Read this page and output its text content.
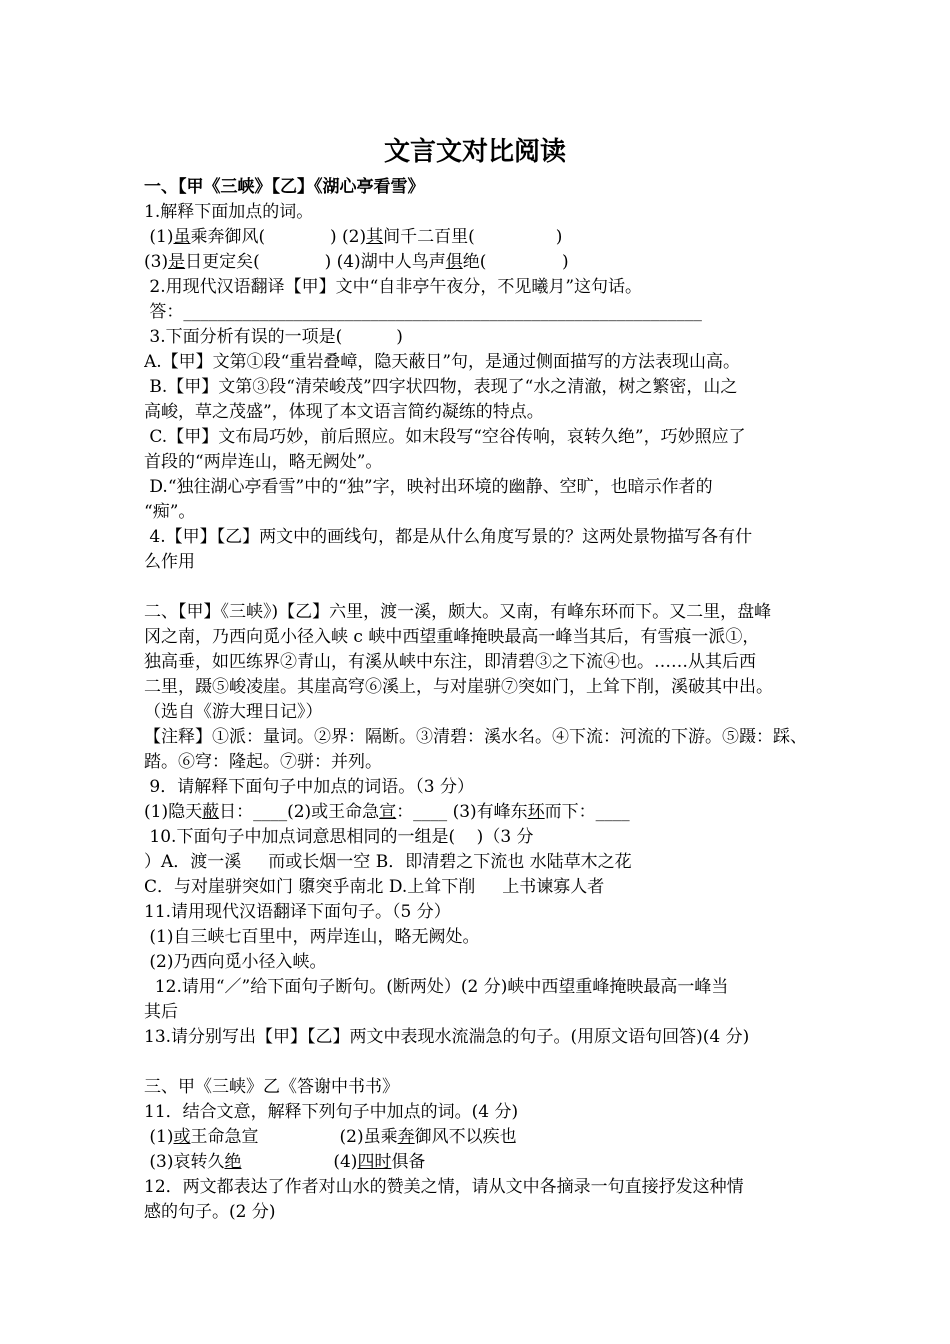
文言文对比阅读
一、【甲《三峡》【乙】《湖心亭看雪》
1.解释下面加点的词。
(1)虽乘奔御风(            ) (2)其间千二百里(               )
(3)是日更定矣(            ) (4)湖中人鸟声俱绝(              )
2.用现代汉语翻译【甲】文中“自非亭午夜分，不见曦月”这句话。
答：_____________________________________________________________
3.下面分析有误的一项是(          )
A.【甲】文第①段“重岩叠嶂，隐天蔽日”句，是通过侧面描写的方法表现山高。
B.【甲】文第③段“清荣峻茂”四字状四物，表现了“水之清澈，树之繁密，山之
高峻，草之茂盛”，体现了本文语言简约凝练的特点。
C.【甲】文布局巧妙，前后照应。如末段写“空谷传响，哀转久绝”，巧妙照应了
首段的“两岸连山，略无阙处”。
D.“独往湖心亭看雪”中的“独”字，映衬出环境的幽静、空旷，也暗示作者的
“痴”。
4.【甲】【乙】两文中的画线句，都是从什么角度写景的？这两处景物描写各有什
么作用
二、【甲】《三峡》)【乙】六里，渡一溪，颇大。又南，有峰东环而下。又二里，盘峰
冈之南，乃西向觅小径入峡 c 峡中西望重峰掩映最高一峰当其后，有雪痕一派①，
独高垂，如匹练界②青山，有溪从峡中东注，即清碧③之下流④也。……从其后西
二里，蹑⑤峻凌崖。其崖高穹⑥溪上，与对崖骈⑦突如门，上耸下削，溪破其中出。
（选自《游大理日记》）
【注释】①派：量词。②界：隔断。③清碧：溪水名。④下流：河流的下游。⑤蹑：踩、
踏。⑥穹：隆起。⑦骈：并列。
9．请解释下面句子中加点的词语。（3 分）
(1)隐天蔽日：____(2)或王命急宣：____ (3)有峰东环而下：____
10.下面句子中加点词意思相同的一组是(    )（3 分
）A．渡一溪     而或长烟一空 B．即清碧之下流也 水陆草木之花
C．与对崖骈突如门 隳突乎南北 D.上耸下削     上书谏寡人者
11.请用现代汉语翻译下面句子。（5 分）
(1)自三峡七百里中，两岸连山，略无阙处。
(2)乃西向觅小径入峡。
12.请用“／”给下面句子断句。(断两处）(2 分)峡中西望重峰掩映最高一峰当
其后
13.请分别写出【甲】【乙】两文中表现水流湍急的句子。(用原文语句回答)(4 分)
三、甲《三峡》乙《答谢中书书》
11．结合文意，解释下列句子中加点的词。(4 分)
(1)或王命急宣               (2)虽乘奔御风不以疾也
(3)哀转久绝                 (4)四时俱备
12．两文都表达了作者对山水的赞美之情，请从文中各摘录一句直接抒发这种情
感的句子。(2 分)
